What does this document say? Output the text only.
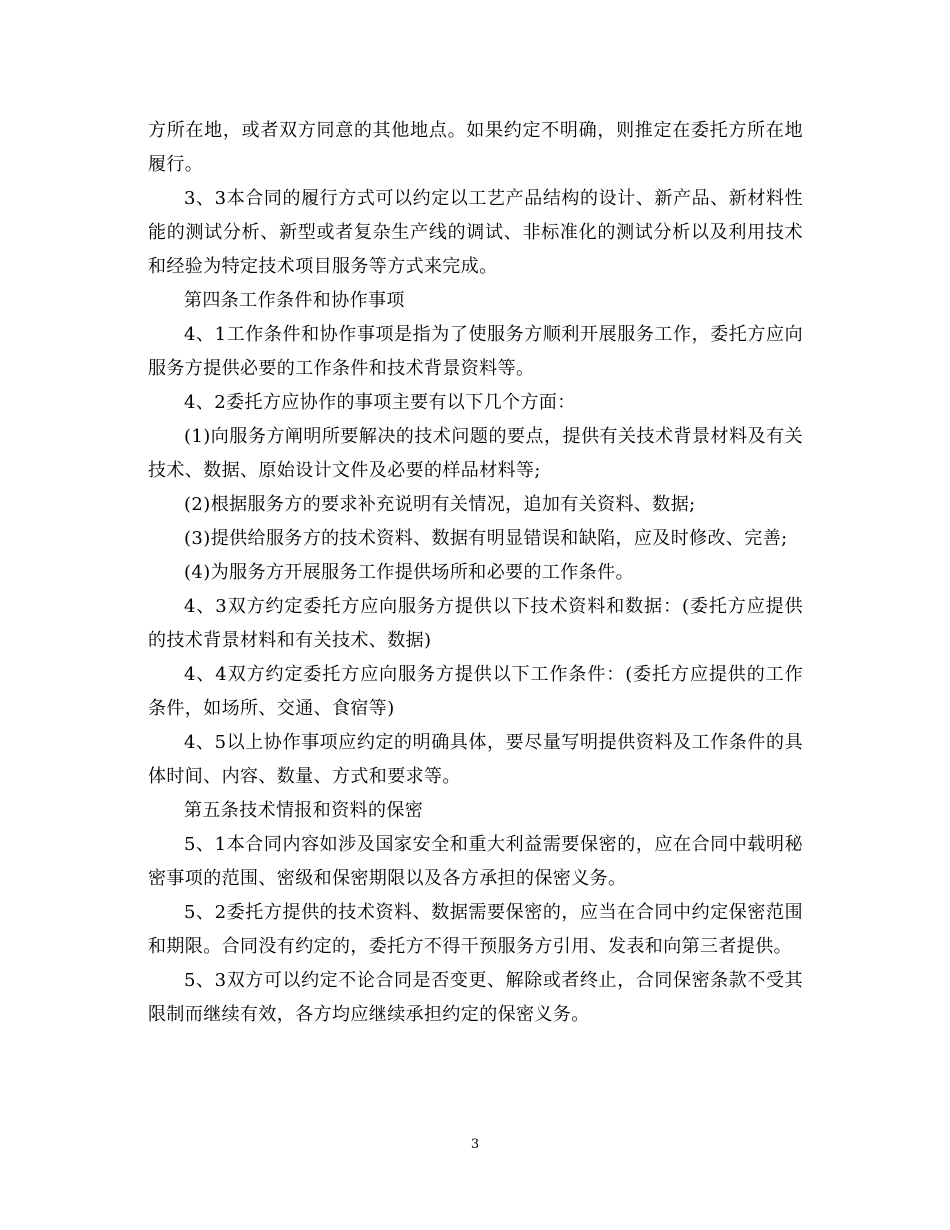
方所在地，或者双方同意的其他地点。如果约定不明确，则推定在委托方所在地履行。

3、3本合同的履行方式可以约定以工艺产品结构的设计、新产品、新材料性能的测试分析、新型或者复杂生产线的调试、非标准化的测试分析以及利用技术和经验为特定技术项目服务等方式来完成。

第四条工作条件和协作事项

4、1工作条件和协作事项是指为了使服务方顺利开展服务工作，委托方应向服务方提供必要的工作条件和技术背景资料等。

4、2委托方应协作的事项主要有以下几个方面：

(1)向服务方阐明所要解决的技术问题的要点，提供有关技术背景材料及有关技术、数据、原始设计文件及必要的样品材料等;

(2)根据服务方的要求补充说明有关情况，追加有关资料、数据;

(3)提供给服务方的技术资料、数据有明显错误和缺陷，应及时修改、完善;

(4)为服务方开展服务工作提供场所和必要的工作条件。

4、3双方约定委托方应向服务方提供以下技术资料和数据：(委托方应提供的技术背景材料和有关技术、数据)

4、4双方约定委托方应向服务方提供以下工作条件：(委托方应提供的工作条件，如场所、交通、食宿等)

4、5以上协作事项应约定的明确具体，要尽量写明提供资料及工作条件的具体时间、内容、数量、方式和要求等。

第五条技术情报和资料的保密

5、1本合同内容如涉及国家安全和重大利益需要保密的，应在合同中载明秘密事项的范围、密级和保密期限以及各方承担的保密义务。

5、2委托方提供的技术资料、数据需要保密的，应当在合同中约定保密范围和期限。合同没有约定的，委托方不得干预服务方引用、发表和向第三者提供。

5、3双方可以约定不论合同是否变更、解除或者终止，合同保密条款不受其限制而继续有效，各方均应继续承担约定的保密义务。

3
